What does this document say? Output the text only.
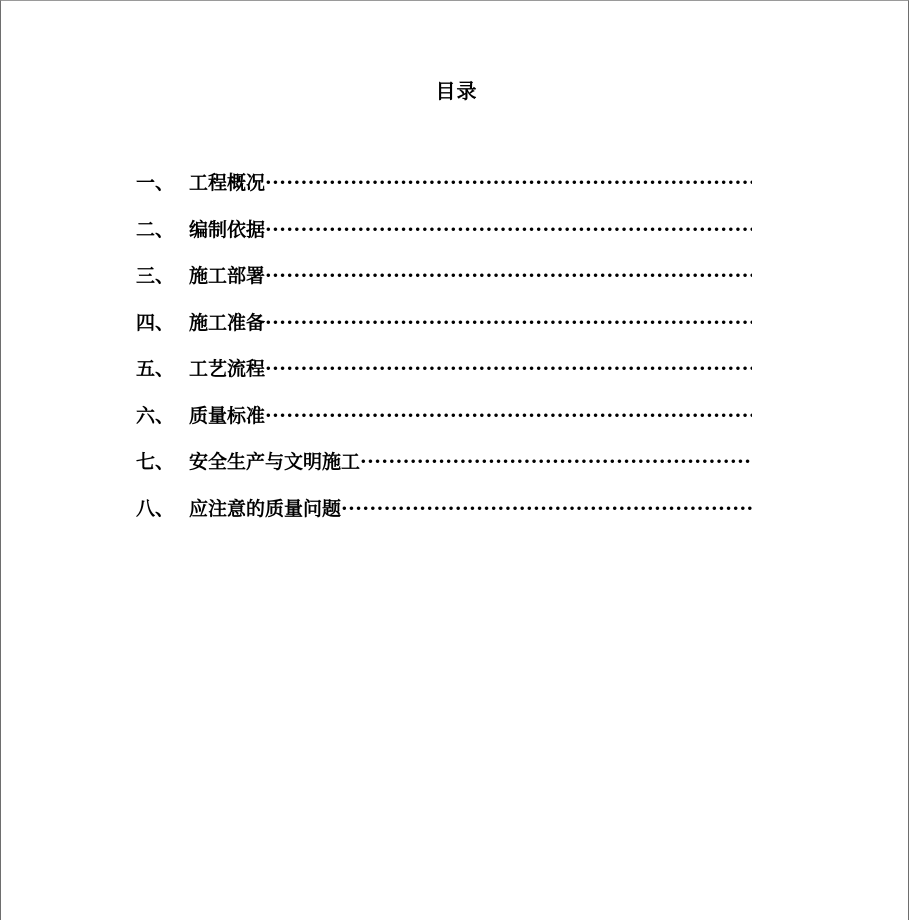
目录
一、 工程概况
·····
二、 编制依据
·····
三、 施工部署
·····
四、 施工准备
·····
五、 工艺流程
·····
六、 质量标准
·····
七、 安全生产与文明施工
·····
八、 应注意的质量问题
·····
